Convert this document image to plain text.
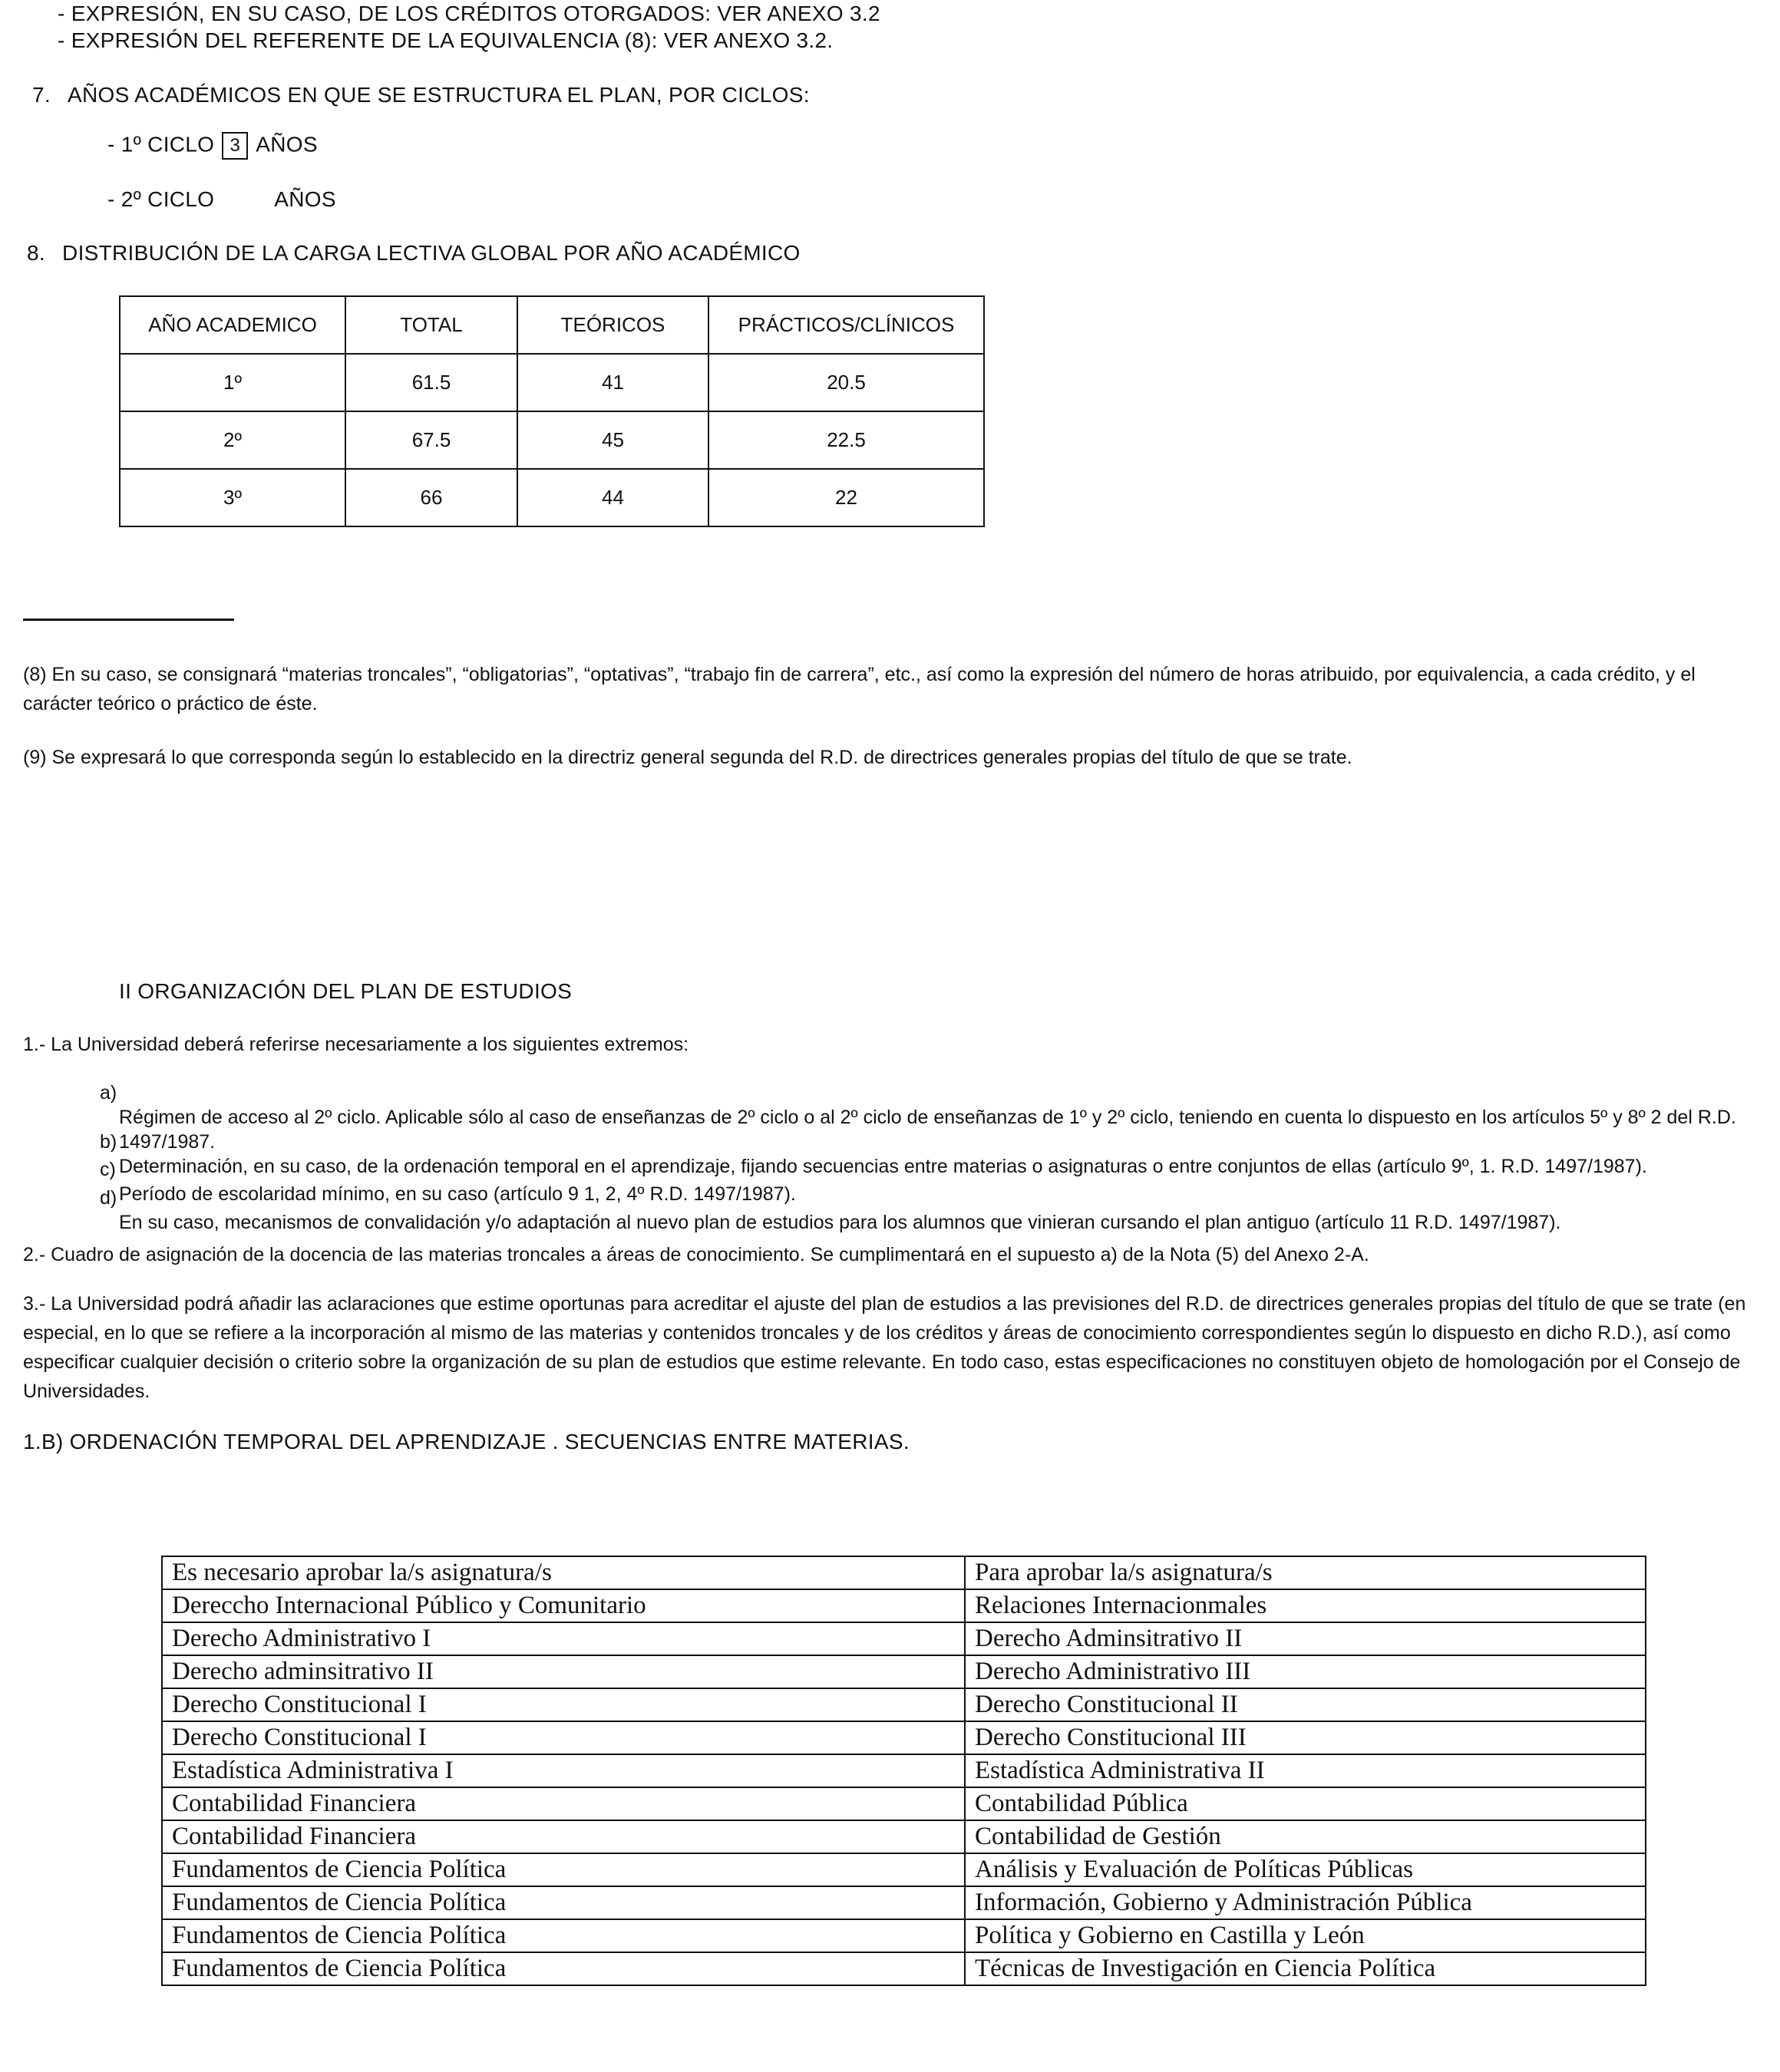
- EXPRESIÓN, EN SU CASO, DE LOS CRÉDITOS OTORGADOS: VER ANEXO 3.2
- EXPRESIÓN DEL REFERENTE DE LA EQUIVALENCIA (8): VER ANEXO 3.2.
7. AÑOS ACADÉMICOS EN QUE SE ESTRUCTURA EL PLAN, POR CICLOS:
- 1º CICLO 3 AÑOS
- 2º CICLO	AÑOS
8. DISTRIBUCIÓN DE LA CARGA LECTIVA GLOBAL POR AÑO ACADÉMICO
AÑO ACADEMICO	TOTAL	TEÓRICOS	PRÁCTICOS/CLÍNICOS
1º	61.5	41	20.5
2º	67.5	45	22.5
3º	66	44	22
(8) En su caso, se consignará “materias troncales”, “obligatorias”, “optativas”, “trabajo fin de carrera”, etc., así como la expresión del número de horas atribuido, por equivalencia, a cada crédito, y el carácter teórico o práctico de éste.
(9) Se expresará lo que corresponda según lo establecido en la directriz general segunda del R.D. de directrices generales propias del título de que se trate.
II ORGANIZACIÓN DEL PLAN DE ESTUDIOS
1.- La Universidad deberá referirse necesariamente a los siguientes extremos:
a)Régimen de acceso al 2º ciclo. Aplicable sólo al caso de enseñanzas de 2º ciclo o al 2º ciclo de enseñanzas de 1º y 2º ciclo, teniendo en cuenta lo dispuesto en los artículos 5º y 8º 2 del R.D. 1497/1987.
b)Determinación, en su caso, de la ordenación temporal en el aprendizaje, fijando secuencias entre materias o asignaturas o entre conjuntos de ellas (artículo 9º, 1. R.D. 1497/1987).
c)Período de escolaridad mínimo, en su caso (artículo 9 1, 2, 4º R.D. 1497/1987).
d)En su caso, mecanismos de convalidación y/o adaptación al nuevo plan de estudios para los alumnos que vinieran cursando el plan antiguo (artículo 11 R.D. 1497/1987).
2.- Cuadro de asignación de la docencia de las materias troncales a áreas de conocimiento. Se cumplimentará en el supuesto a) de la Nota (5) del Anexo 2-A.
3.- La Universidad podrá añadir las aclaraciones que estime oportunas para acreditar el ajuste del plan de estudios a las previsiones del R.D. de directrices generales propias del título de que se trate (en especial, en lo que se refiere a la incorporación al mismo de las materias y contenidos troncales y de los créditos y áreas de conocimiento correspondientes según lo dispuesto en dicho R.D.), así como especificar cualquier decisión o criterio sobre la organización de su plan de estudios que estime relevante. En todo caso, estas especificaciones no constituyen objeto de homologación por el Consejo de Universidades.
1.B) ORDENACIÓN TEMPORAL DEL APRENDIZAJE . SECUENCIAS ENTRE MATERIAS.
Es necesario aprobar la/s asignatura/s	Para aprobar la/s asignatura/s
Dereccho Internacional Público y Comunitario	Relaciones Internacionmales
Derecho Administrativo I	Derecho Adminsitrativo II
Derecho adminsitrativo II	Derecho Administrativo III
Derecho Constitucional I	Derecho Constitucional II
Derecho Constitucional I	Derecho Constitucional III
Estadística Administrativa I	Estadística Administrativa II
Contabilidad Financiera	Contabilidad Pública
Contabilidad Financiera	Contabilidad de Gestión
Fundamentos de Ciencia Política	Análisis y Evaluación de Políticas Públicas
Fundamentos de Ciencia Política	Información, Gobierno y Administración Pública
Fundamentos de Ciencia Política	Política y Gobierno en Castilla y León
Fundamentos de Ciencia Política	Técnicas de Investigación en Ciencia Política
